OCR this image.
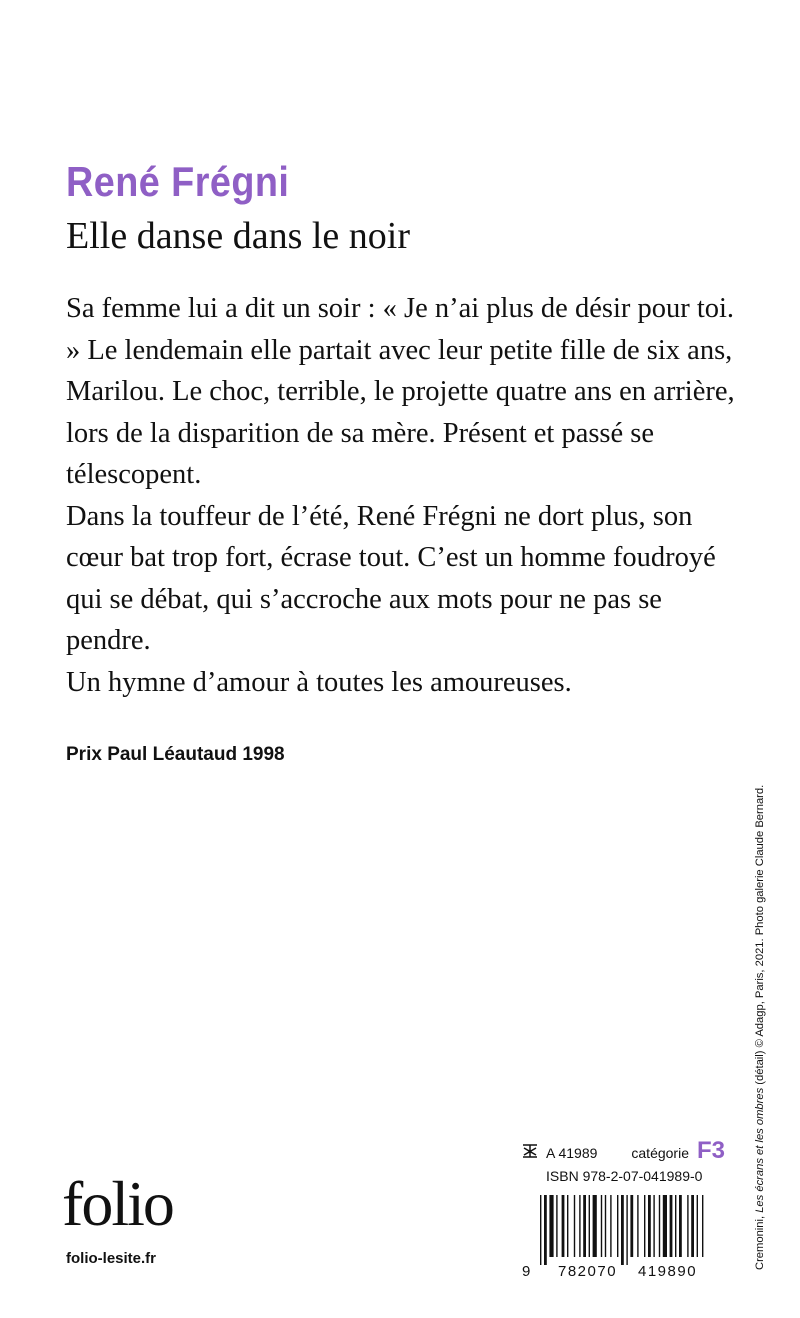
René Frégni
Elle danse dans le noir

Sa femme lui a dit un soir : « Je n’ai plus de désir pour toi. » Le lendemain elle partait avec leur petite fille de six ans, Marilou. Le choc, terrible, le projette quatre ans en arrière, lors de la disparition de sa mère. Présent et passé se télescopent.

Dans la touffeur de l’été, René Frégni ne dort plus, son cœur bat trop fort, écrase tout. C’est un homme foudroyé qui se débat, qui s’accroche aux mots pour ne pas se pendre.

Un hymne d’amour à toutes les amoureuses.

Prix Paul Léautaud 1998
Cremonini, Les écrans et les ombres (détail) © Adagp, Paris, 2021. Photo galerie Claude Bernard.
folio
folio-lesite.fr
A 41989 catégorie F3
ISBN 978-2-07-041989-0
9 782070 419890
